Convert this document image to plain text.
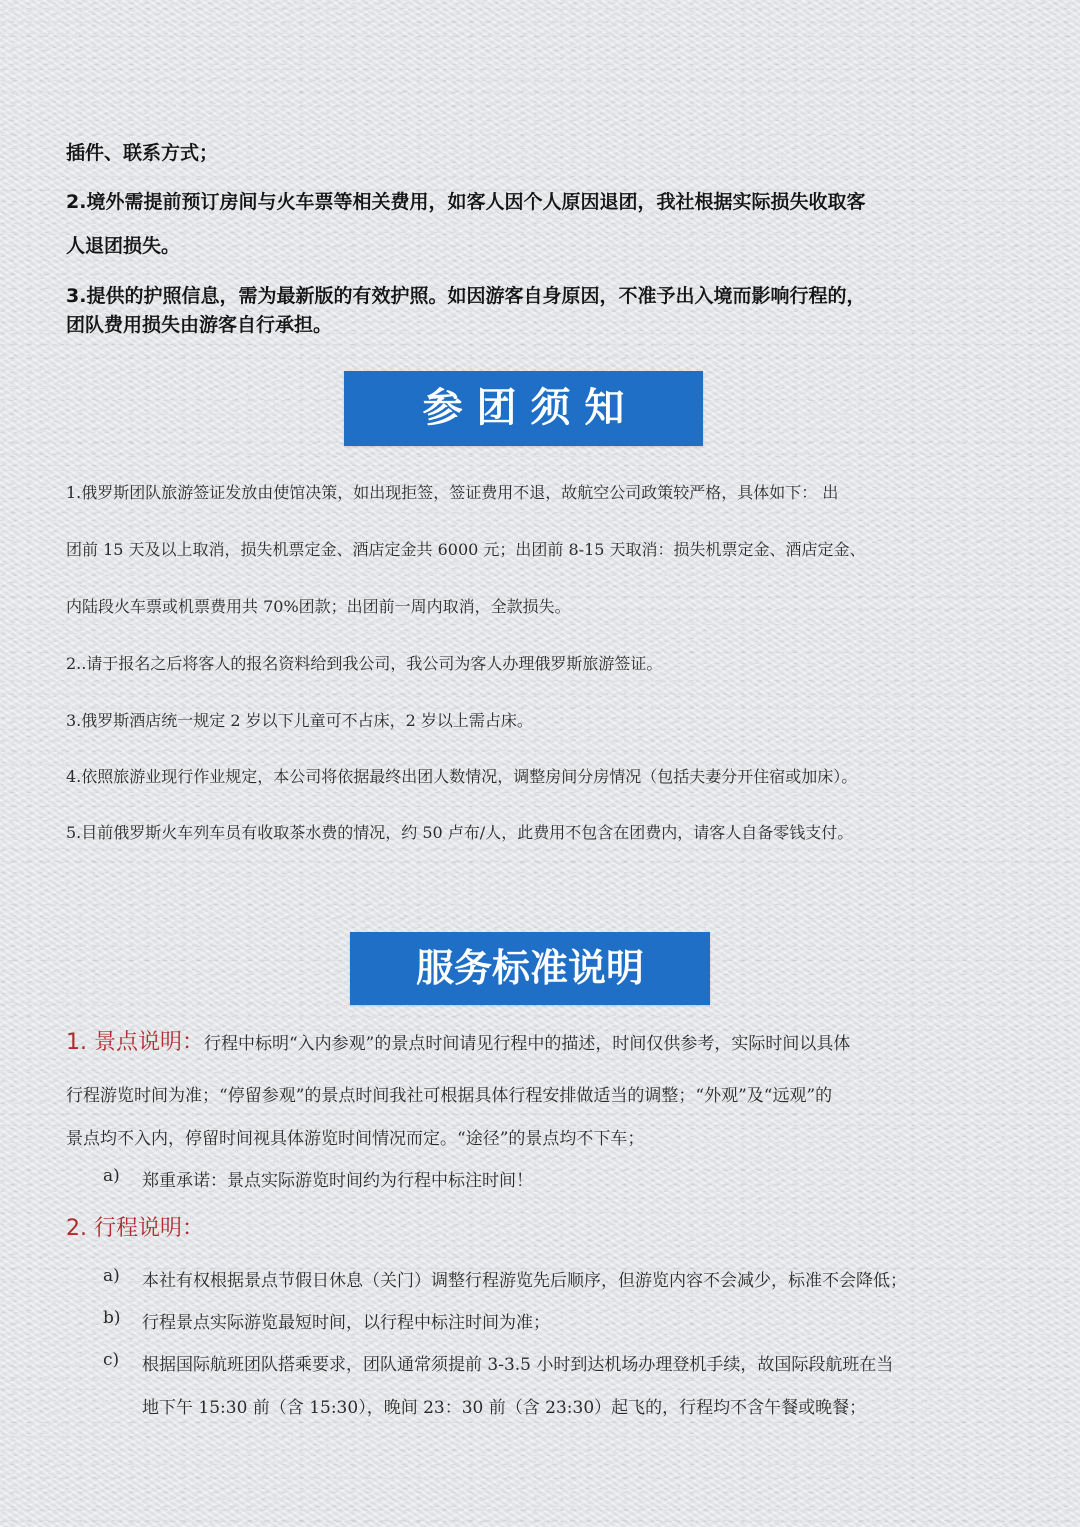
插件、联系方式；
2.境外需提前预订房间与火车票等相关费用，如客人因个人原因退团，我社根据实际损失收取客
人退团损失。
3.提供的护照信息，需为最新版的有效护照。如因游客自身原因，不准予出入境而影响行程的，
团队费用损失由游客自行承担。
参 团 须 知
1.俄罗斯团队旅游签证发放由使馆决策，如出现拒签，签证费用不退，故航空公司政策较严格，具体如下： 出
团前 15 天及以上取消，损失机票定金、酒店定金共 6000 元；出团前 8-15 天取消：损失机票定金、酒店定金、
内陆段火车票或机票费用共 70%团款；出团前一周内取消，全款损失。
2..请于报名之后将客人的报名资料给到我公司，我公司为客人办理俄罗斯旅游签证。
3.俄罗斯酒店统一规定 2 岁以下儿童可不占床，2 岁以上需占床。
4.依照旅游业现行作业规定，本公司将依据最终出团人数情况，调整房间分房情况（包括夫妻分开住宿或加床）。
5.目前俄罗斯火车列车员有收取茶水费的情况，约 50 卢布/人，此费用不包含在团费内，请客人自备零钱支付。
服务标准说明
1. 景点说明：行程中标明“入内参观”的景点时间请见行程中的描述，时间仅供参考，实际时间以具体
行程游览时间为准；“停留参观”的景点时间我社可根据具体行程安排做适当的调整；“外观”及“远观”的
景点均不入内，停留时间视具体游览时间情况而定。“途径”的景点均不下车；
a) 郑重承诺：景点实际游览时间约为行程中标注时间！
2. 行程说明：
a) 本社有权根据景点节假日休息（关门）调整行程游览先后顺序，但游览内容不会减少，标准不会降低；
b) 行程景点实际游览最短时间，以行程中标注时间为准；
c) 根据国际航班团队搭乘要求，团队通常须提前 3-3.5 小时到达机场办理登机手续，故国际段航班在当
地下午 15:30 前（含 15:30），晚间 23：30 前（含 23:30）起飞的，行程均不含午餐或晚餐；
